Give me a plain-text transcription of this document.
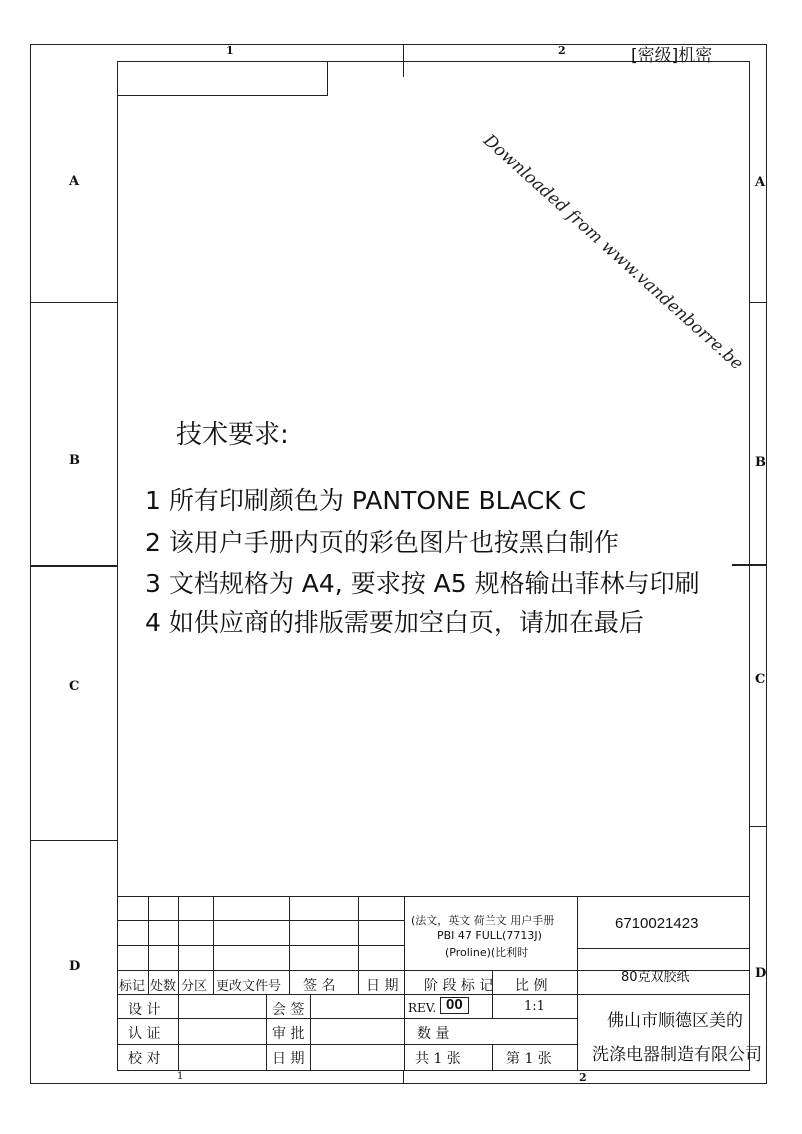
1	2	[密级]机密
Downloaded from www.vandenborre.be
A
B
C
D
A
B
C
D
技术要求:
1 所有印刷颜色为 PANTONE BLACK C
2 该用户手册内页的彩色图片也按黑白制作
3 文档规格为 A4, 要求按 A5 规格输出菲林与印刷
4 如供应商的排版需要加空白页，请加在最后
(法文，英文 荷兰文 用户手册
PBI 47 FULL(7713J)
(Proline)(比利时
6710021423
80克双胶纸
佛山市顺德区美的
洗涤电器制造有限公司
标记 处数 分区 更改文件号 签 名 日 期 阶 段 标 记 比 例
设 计	会 签	REV. 00	1:1
认 证	审 批	数 量
校 对	日 期	共 1 张	第 1 张
1	2
